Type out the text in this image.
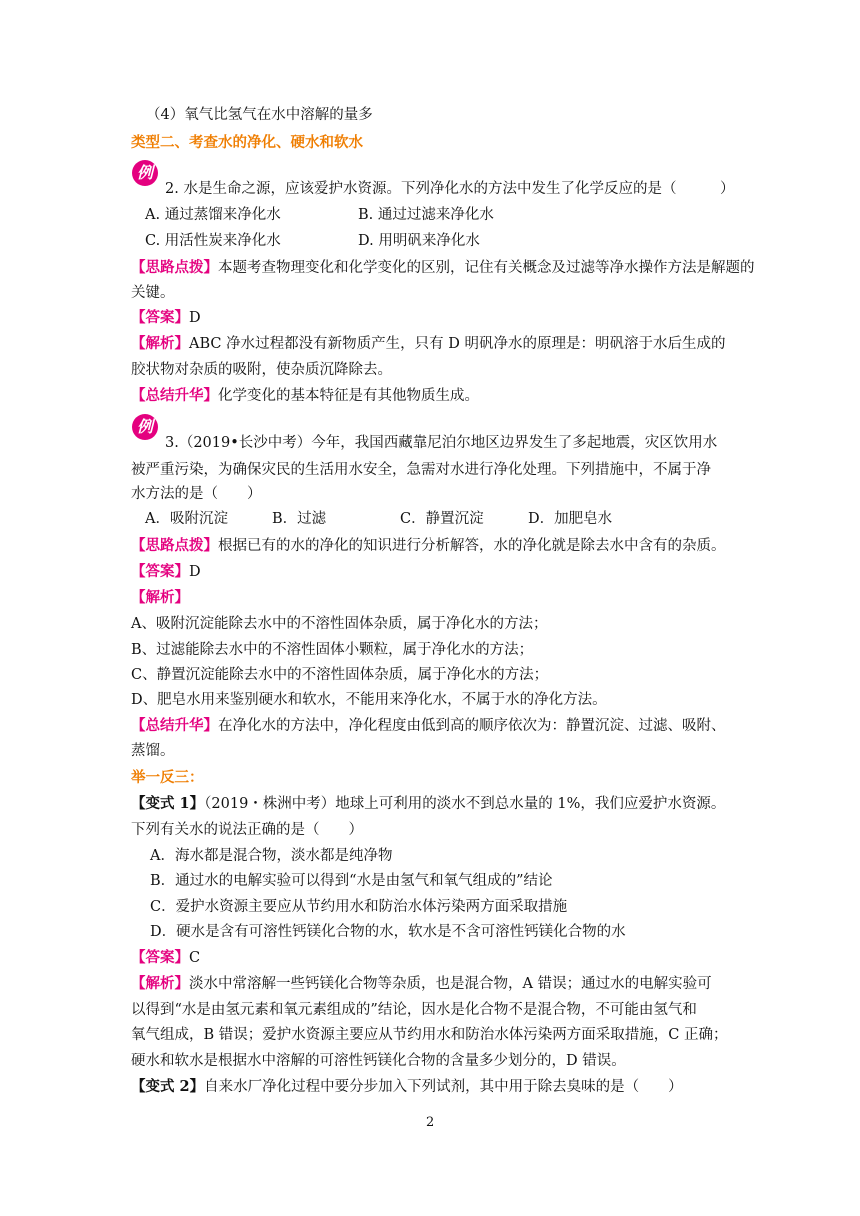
（4）氧气比氢气在水中溶解的量多
类型二、考查水的净化、硬水和软水
例
2. 水是生命之源，应该爱护水资源。下列净化水的方法中发生了化学反应的是（　　　）
A. 通过蒸馏来净化水	B. 通过过滤来净化水
C. 用活性炭来净化水	D. 用明矾来净化水
【思路点拨】本题考查物理变化和化学变化的区别，记住有关概念及过滤等净水操作方法是解题的
关键。
【答案】D
【解析】ABC 净水过程都没有新物质产生，只有 D 明矾净水的原理是：明矾溶于水后生成的
胶状物对杂质的吸附，使杂质沉降除去。
【总结升华】化学变化的基本特征是有其他物质生成。
例
3.（2019•长沙中考）今年，我国西藏靠尼泊尔地区边界发生了多起地震，灾区饮用水
被严重污染，为确保灾民的生活用水安全，急需对水进行净化处理。下列措施中，不属于净
水方法的是（　　）
A．吸附沉淀	B．过滤	C．静置沉淀	D．加肥皂水
【思路点拨】根据已有的水的净化的知识进行分析解答，水的净化就是除去水中含有的杂质。
【答案】D
【解析】
A、吸附沉淀能除去水中的不溶性固体杂质，属于净化水的方法；
B、过滤能除去水中的不溶性固体小颗粒，属于净化水的方法；
C、静置沉淀能除去水中的不溶性固体杂质，属于净化水的方法；
D、肥皂水用来鉴别硬水和软水，不能用来净化水，不属于水的净化方法。
【总结升华】在净化水的方法中，净化程度由低到高的顺序依次为：静置沉淀、过滤、吸附、
蒸馏。
举一反三：
【变式 1】（2019・株洲中考）地球上可利用的淡水不到总水量的 1%，我们应爱护水资源。
下列有关水的说法正确的是（　　）
A．海水都是混合物，淡水都是纯净物
B．通过水的电解实验可以得到“水是由氢气和氧气组成的”结论
C．爱护水资源主要应从节约用水和防治水体污染两方面采取措施
D．硬水是含有可溶性钙镁化合物的水，软水是不含可溶性钙镁化合物的水
【答案】C
【解析】淡水中常溶解一些钙镁化合物等杂质，也是混合物，A 错误；通过水的电解实验可
以得到“水是由氢元素和氧元素组成的”结论，因水是化合物不是混合物，不可能由氢气和
氧气组成，B 错误；爱护水资源主要应从节约用水和防治水体污染两方面采取措施，C 正确；
硬水和软水是根据水中溶解的可溶性钙镁化合物的含量多少划分的，D 错误。
【变式 2】自来水厂净化过程中要分步加入下列试剂，其中用于除去臭味的是（　　）
2
